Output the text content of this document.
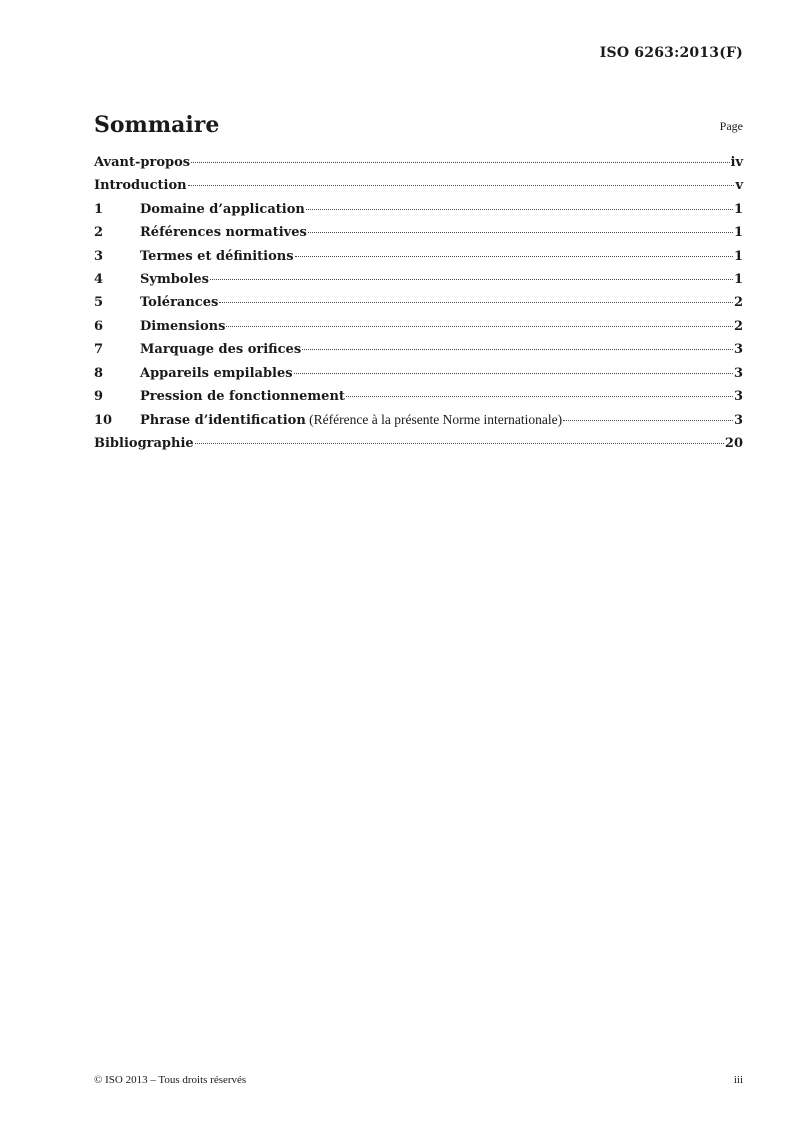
ISO 6263:2013(F)
Sommaire	Page
Avant-propos	iv
Introduction	v
1	Domaine d’application	1
2	Références normatives	1
3	Termes et définitions	1
4	Symboles	1
5	Tolérances	2
6	Dimensions	2
7	Marquage des orifices	3
8	Appareils empilables	3
9	Pression de fonctionnement	3
10	Phrase d’identification (Référence à la présente Norme internationale)	3
Bibliographie	20
© ISO 2013 – Tous droits réservés	iii
